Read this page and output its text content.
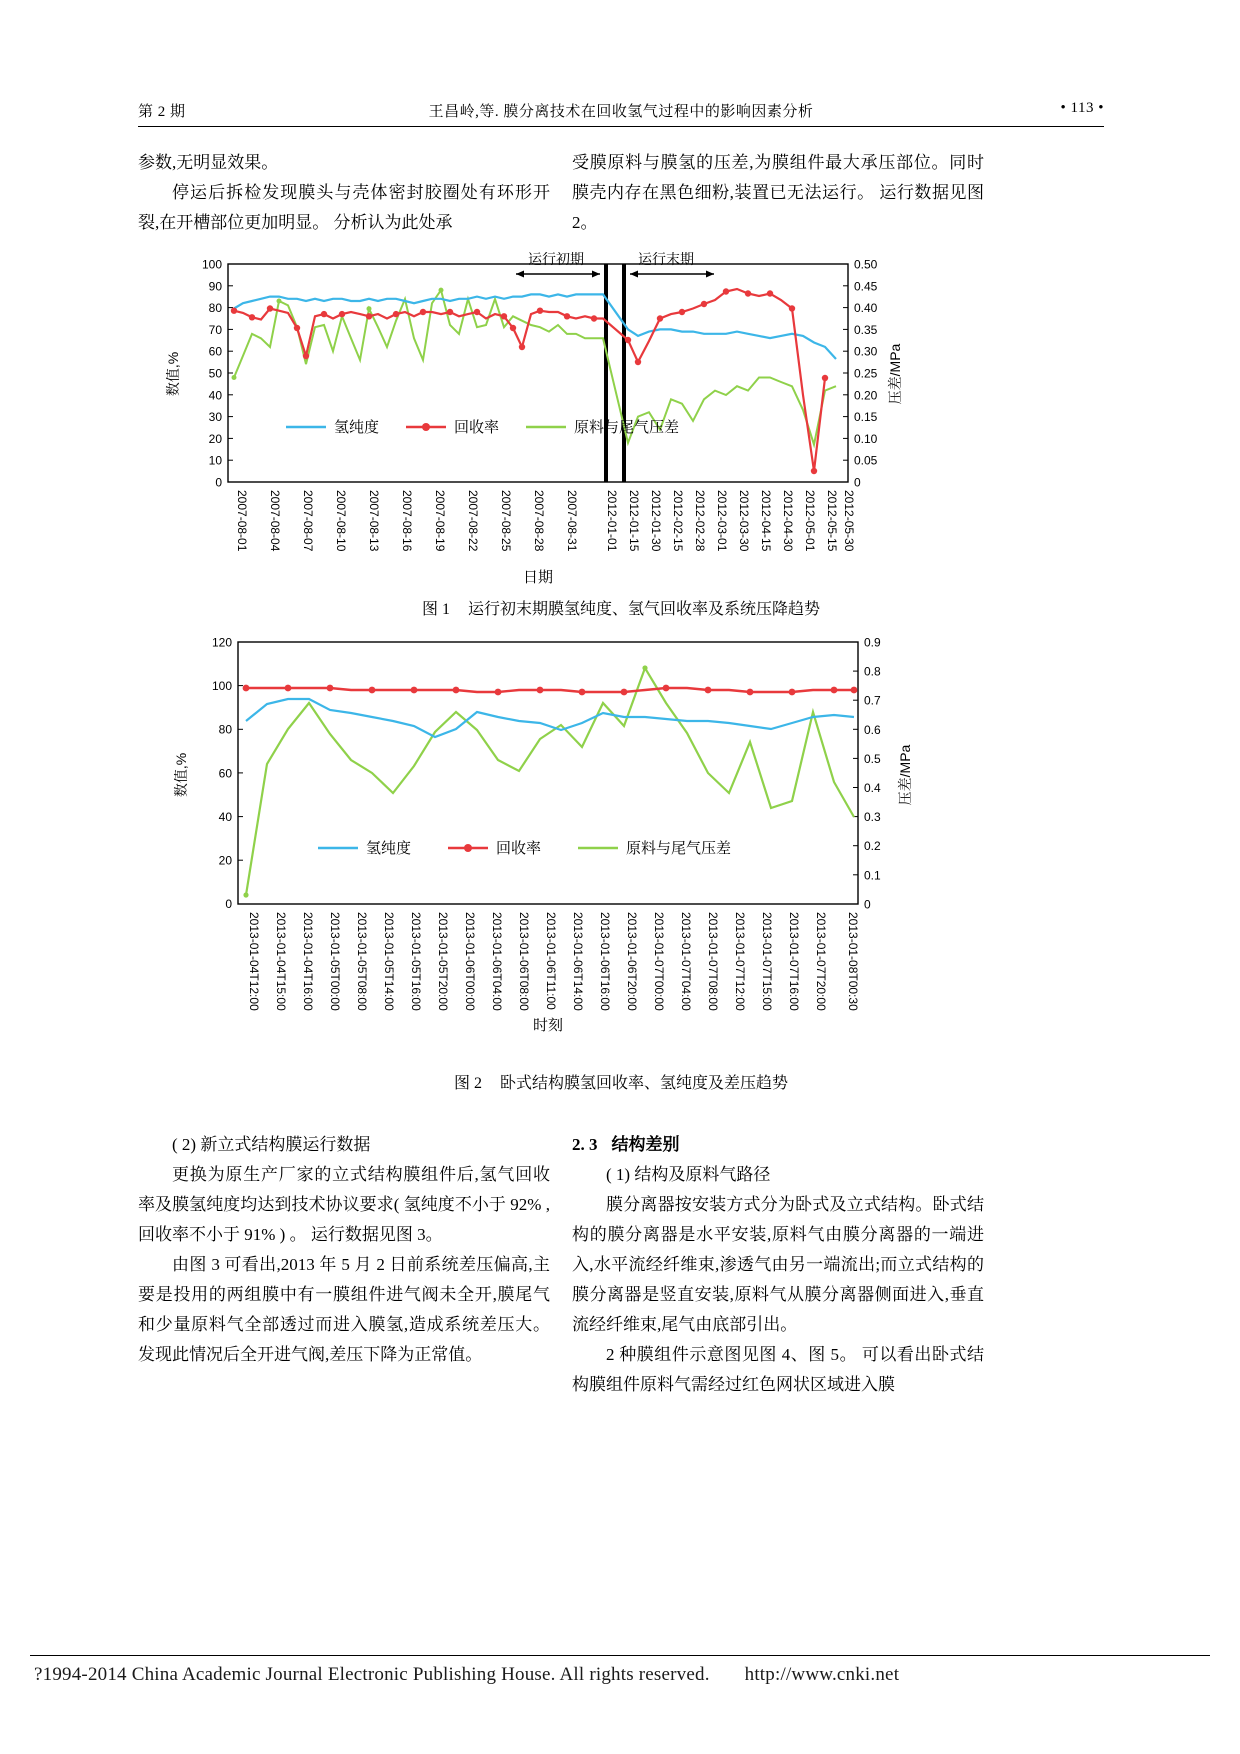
第 2 期	王昌岭,等. 膜分离技术在回收氢气过程中的影响因素分析	• 113 •

参数,无明显效果。

停运后拆检发现膜头与壳体密封胶圈处有环形开裂,在开槽部位更加明显。 分析认为此处承

受膜原料与膜氢的压差,为膜组件最大承压部位。同时膜壳内存在黑色细粉,装置已无法运行。 运行数据见图 2。

100
90
80
70
60
50
40
30
20
10
0
0.50
0.45
0.40
0.35
0.30
0.25
0.20
0.15
0.10
0.05
0
数值,%	压差/MPa
运行初期	运行末期
氢纯度	回收率	原料与尾气压差
2007-08-01 2007-08-04 2007-08-07 2007-08-10 2007-08-13 2007-08-16 2007-08-19 2007-08-22 2007-08-25 2007-08-28 2007-08-31 2012-01-01 2012-01-15 2012-01-30 2012-02-15 2012-02-28 2012-03-01 2012-03-30 2012-04-15 2012-04-30 2012-05-01 2012-05-15 2012-05-30
日期
图 1 运行初末期膜氢纯度、氢气回收率及系统压降趋势
120
100
80
60
40
20
0
0.9
0.8
0.7
0.6
0.5
0.4
0.3
0.2
0.1
0
数值,%	压差/MPa
氢纯度	回收率	原料与尾气压差
2013-01-04T12:00 2013-01-04T15:00 2013-01-04T16:00 2013-01-05T00:00 2013-01-05T08:00 2013-01-05T14:00 2013-01-05T16:00 2013-01-05T20:00 2013-01-06T00:00 2013-01-06T04:00 2013-01-06T08:00 2013-01-06T11:00 2013-01-06T14:00 2013-01-06T16:00 2013-01-06T20:00 2013-01-07T00:00 2013-01-07T04:00 2013-01-07T08:00 2013-01-07T12:00 2013-01-07T15:00 2013-01-07T16:00 2013-01-07T20:00 2013-01-08T00:30
时刻
图 2 卧式结构膜氢回收率、氢纯度及差压趋势

( 2) 新立式结构膜运行数据

更换为原生产厂家的立式结构膜组件后,氢气回收率及膜氢纯度均达到技术协议要求( 氢纯度不小于 92% ,回收率不小于 91% ) 。 运行数据见图 3。

由图 3 可看出,2013 年 5 月 2 日前系统差压偏高,主要是投用的两组膜中有一膜组件进气阀未全开,膜尾气和少量原料气全部透过而进入膜氢,造成系统差压大。 发现此情况后全开进气阀,差压下降为正常值。

2. 3 结构差别

( 1) 结构及原料气路径

膜分离器按安装方式分为卧式及立式结构。卧式结构的膜分离器是水平安装,原料气由膜分离器的一端进入,水平流经纤维束,渗透气由另一端流出;而立式结构的膜分离器是竖直安装,原料气从膜分离器侧面进入,垂直流经纤维束,尾气由底部引出。

2 种膜组件示意图见图 4、图 5。 可以看出卧式结构膜组件原料气需经过红色网状区域进入膜

?1994-2014 China Academic Journal Electronic Publishing House. All rights reserved. http://www.cnki.net
